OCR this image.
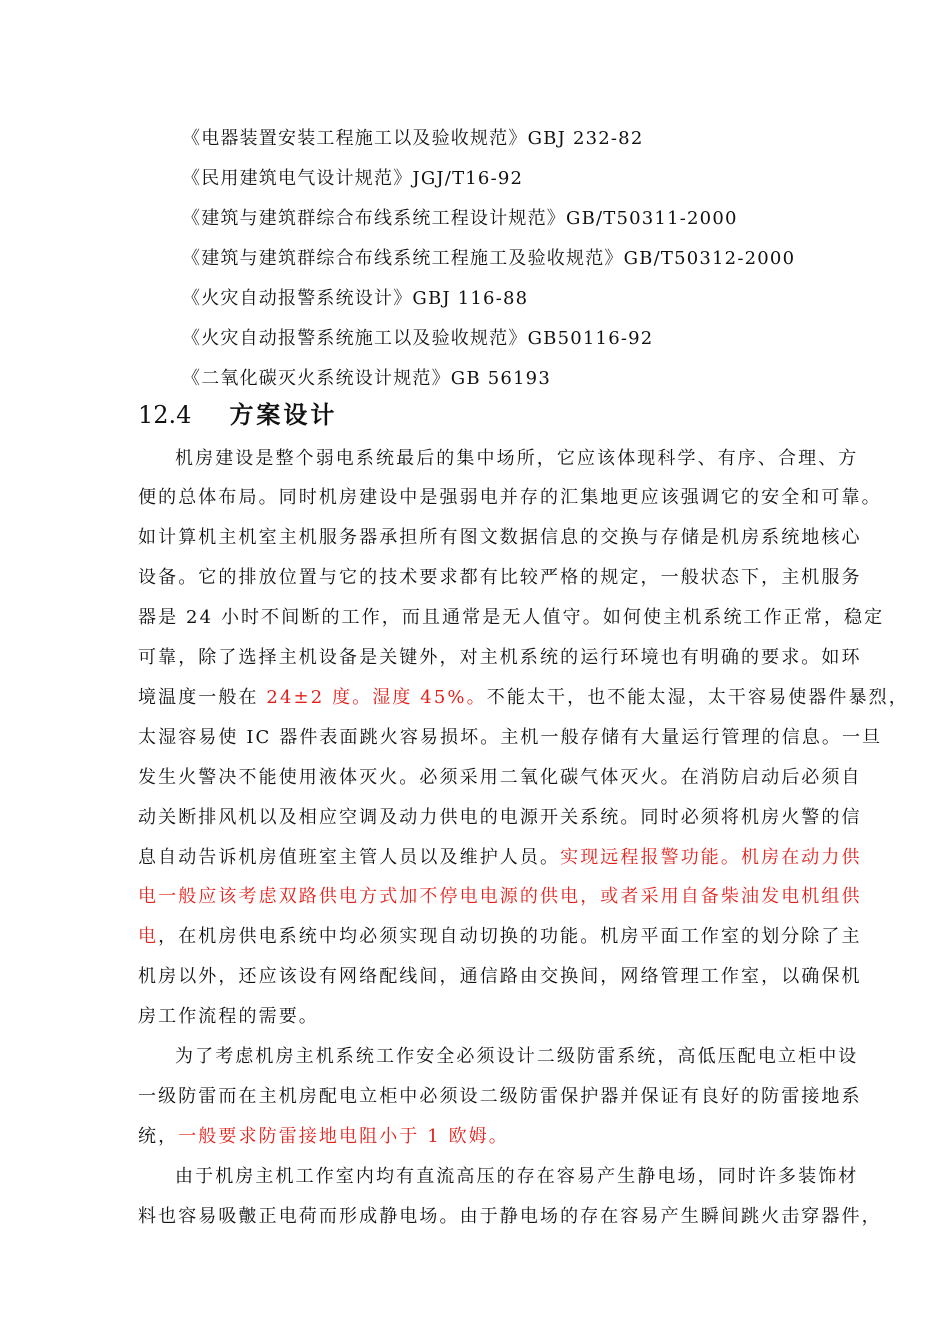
《电器装置安装工程施工以及验收规范》GBJ 232-82
《民用建筑电气设计规范》JGJ/T16-92
《建筑与建筑群综合布线系统工程设计规范》GB/T50311-2000
《建筑与建筑群综合布线系统工程施工及验收规范》GB/T50312-2000
《火灾自动报警系统设计》GBJ 116-88
《火灾自动报警系统施工以及验收规范》GB50116-92
《二氧化碳灭火系统设计规范》GB 56193
12.4 方案设计
机房建设是整个弱电系统最后的集中场所，它应该体现科学、有序、合理、方
便的总体布局。同时机房建设中是强弱电并存的汇集地更应该强调它的安全和可靠。
如计算机主机室主机服务器承担所有图文数据信息的交换与存储是机房系统地核心
设备。它的排放位置与它的技术要求都有比较严格的规定，一般状态下，主机服务
器是 24 小时不间断的工作，而且通常是无人值守。如何使主机系统工作正常，稳定
可靠，除了选择主机设备是关键外，对主机系统的运行环境也有明确的要求。如环
境温度一般在 24±2 度。湿度 45%。不能太干，也不能太湿，太干容易使器件暴烈，
太湿容易使 IC 器件表面跳火容易损坏。主机一般存储有大量运行管理的信息。一旦
发生火警决不能使用液体灭火。必须采用二氧化碳气体灭火。在消防启动后必须自
动关断排风机以及相应空调及动力供电的电源开关系统。同时必须将机房火警的信
息自动告诉机房值班室主管人员以及维护人员。实现远程报警功能。机房在动力供
电一般应该考虑双路供电方式加不停电电源的供电，或者采用自备柴油发电机组供
电，在机房供电系统中均必须实现自动切换的功能。机房平面工作室的划分除了主
机房以外，还应该设有网络配线间，通信路由交换间，网络管理工作室，以确保机
房工作流程的需要。
为了考虑机房主机系统工作安全必须设计二级防雷系统，高低压配电立柜中设
一级防雷而在主机房配电立柜中必须设二级防雷保护器并保证有良好的防雷接地系
统，一般要求防雷接地电阻小于 1 欧姆。
由于机房主机工作室内均有直流高压的存在容易产生静电场，同时许多装饰材
料也容易吸皾正电荷而形成静电场。由于静电场的存在容易产生瞬间跳火击穿器件，
